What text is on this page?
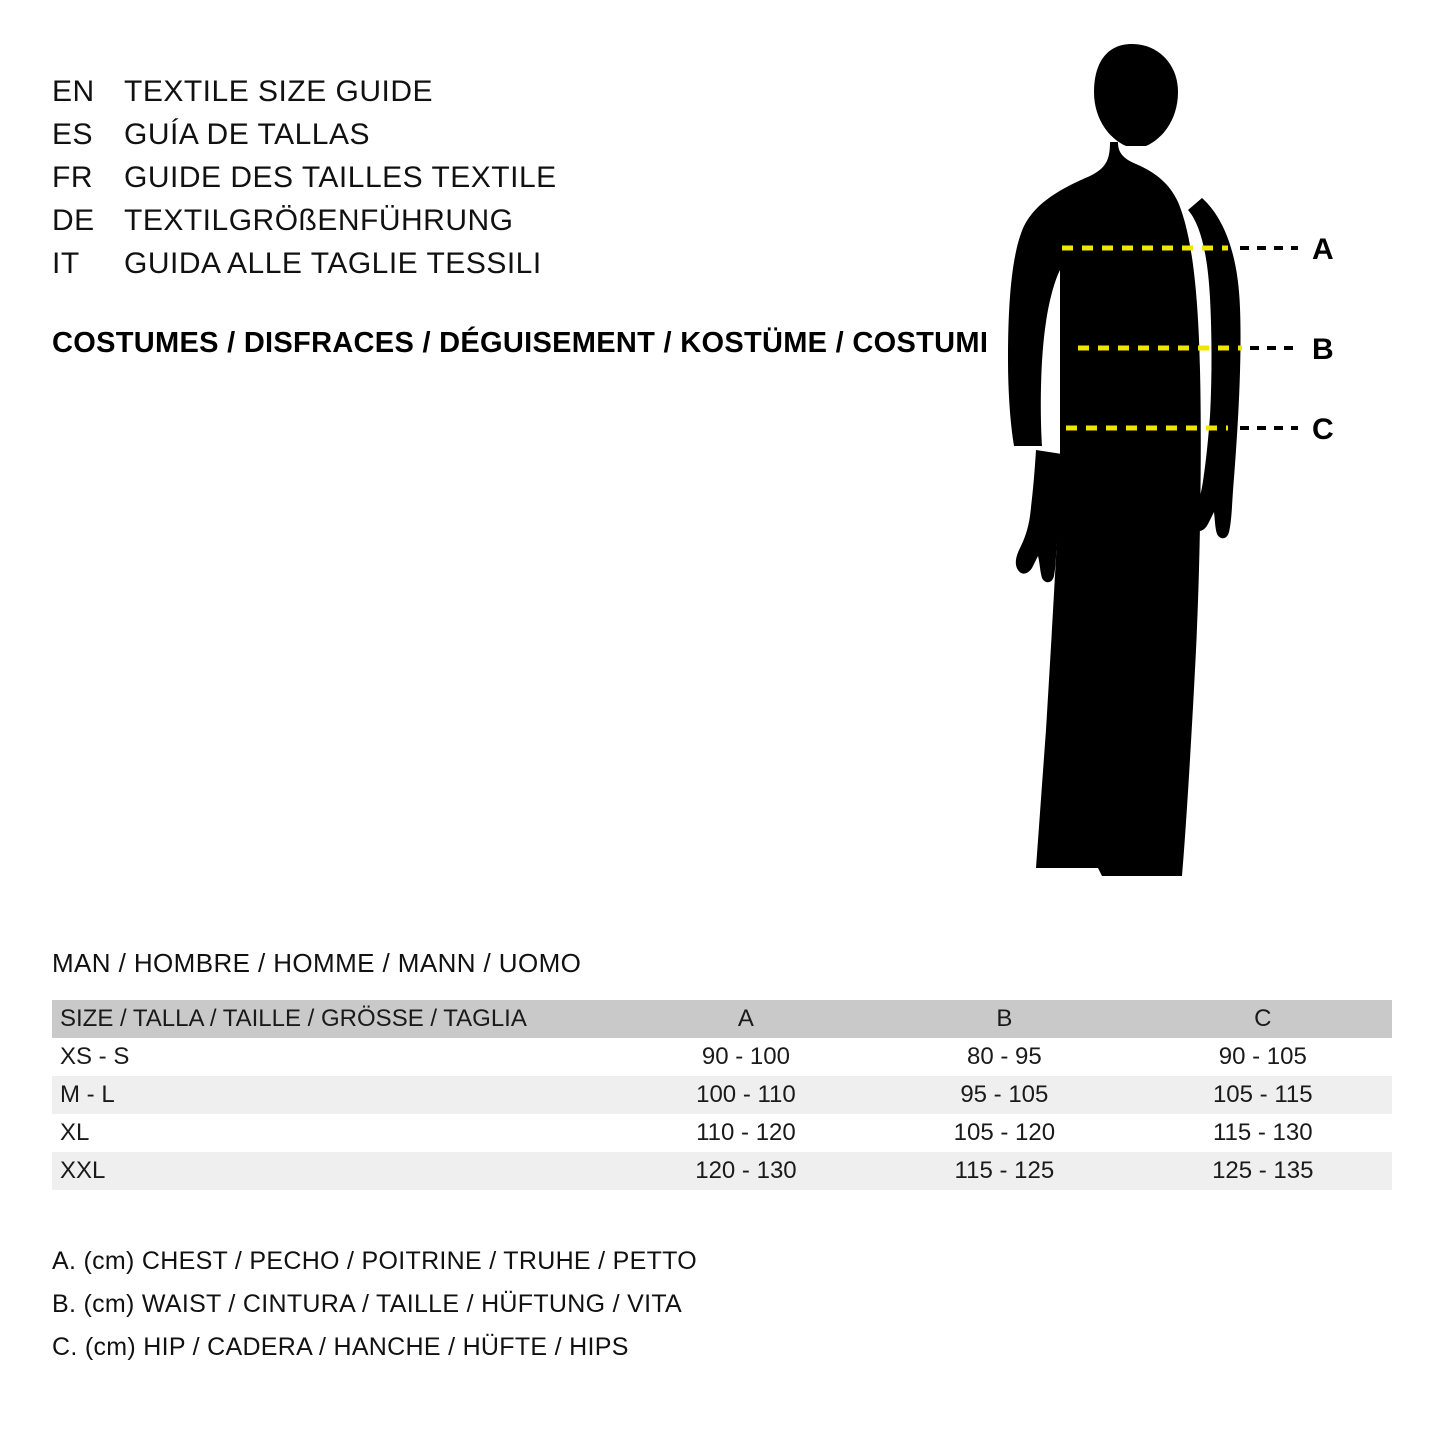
EN TEXTILE SIZE GUIDE
ES	GUÍA DE TALLAS
FR	GUIDE DES TAILLES TEXTILE
DE TEXTILGRÖßENFÜHRUNG
IT	GUIDA ALLE TAGLIE TESSILI
COSTUMES / DISFRACES / DÉGUISEMENT / KOSTÜME / COSTUMI
A
B
C
MAN / HOMBRE / HOMME / MANN / UOMO
SIZE / TALLA / TAILLE / GRÖSSE / TAGLIA	A	B	C
XS - S	90 - 100	80 - 95	90 - 105
M - L	100 - 110	95 - 105	105 - 115
XL	110 - 120	105 - 120	115 - 130
XXL	120 - 130	115 - 125	125 - 135
A. (cm) CHEST / PECHO / POITRINE / TRUHE / PETTO
B. (cm) WAIST / CINTURA / TAILLE / HÜFTUNG / VITA
C. (cm) HIP / CADERA / HANCHE / HÜFTE / HIPS
